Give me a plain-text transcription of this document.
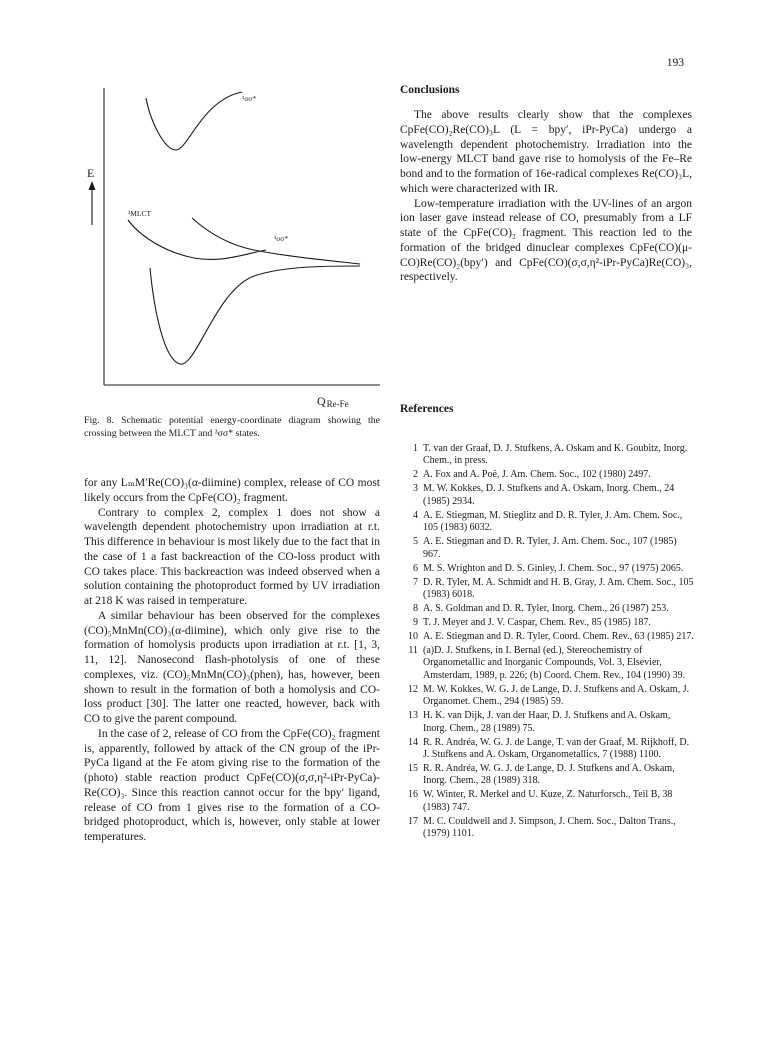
193
¹σσ*
³MLCT
³σσ*
E
$Q_{Re-Fe}$
Fig. 8. Schematic potential energy-coordinate diagram showing the crossing between the MLCT and ³σσ* states.

for any LₘM′Re(CO)₃(α-diimine) complex, release of CO most likely occurs from the CpFe(CO)₂ fragment.

Contrary to complex 2, complex 1 does not show a wavelength dependent photochemistry upon irradiation at r.t. This difference in behaviour is most likely due to the fact that in the case of 1 a fast backreaction of the CO-loss product with CO takes place. This backreaction was indeed observed when a solution containing the photoproduct formed by UV irradiation at 218 K was raised in temperature.

A similar behaviour has been observed for the complexes (CO)₅MnMn(CO)₃(α-diimine), which only give rise to the formation of homolysis products upon irradiation at r.t. [1, 3, 11, 12]. Nanosecond flash-photolysis of one of these complexes, viz. (CO)₅MnMn(CO)₃(phen), has, however, been shown to result in the formation of both a homolysis and CO-loss product [30]. The latter one reacted, however, back with CO to give the parent compound.

In the case of 2, release of CO from the CpFe(CO)₂ fragment is, apparently, followed by attack of the CN group of the iPr-PyCa ligand at the Fe atom giving rise to the formation of the (photo) stable reaction product CpFe(CO)(σ,σ,η²-iPr-PyCa)-Re(CO)₃. Since this reaction cannot occur for the bpy′ ligand, release of CO from 1 gives rise to the formation of a CO-bridged photoproduct, which is, however, only stable at lower temperatures.

Conclusions

The above results clearly show that the complexes CpFe(CO)₂Re(CO)₃L (L = bpy′, iPr-PyCa) undergo a wavelength dependent photochemistry. Irradiation into the low-energy MLCT band gave rise to homolysis of the Fe–Re bond and to the formation of 16e-radical complexes Re(CO)₃L, which were characterized with IR.

Low-temperature irradiation with the UV-lines of an argon ion laser gave instead release of CO, presumably from a LF state of the CpFe(CO)₂ fragment. This reaction led to the formation of the bridged dinuclear complexes CpFe(CO)(μ-CO)Re(CO)₂(bpy′) and CpFe(CO)(σ,σ,η²-iPr-PyCa)Re(CO)₃, respectively.

References
1 T. van der Graaf, D. J. Stufkens, A. Oskam and K. Goubitz, Inorg. Chem., in press.
2 A. Fox and A. Poë, J. Am. Chem. Soc., 102 (1980) 2497.
3 M. W. Kokkes, D. J. Stufkens and A. Oskam, Inorg. Chem., 24 (1985) 2934.
4 A. E. Stiegman, M. Stieglitz and D. R. Tyler, J. Am. Chem. Soc., 105 (1983) 6032.
5 A. E. Stiegman and D. R. Tyler, J. Am. Chem. Soc., 107 (1985) 967.
6 M. S. Wrighton and D. S. Ginley, J. Chem. Soc., 97 (1975) 2065.
7 D. R. Tyler, M. A. Schmidt and H. B. Gray, J. Am. Chem. Soc., 105 (1983) 6018.
8 A. S. Goldman and D. R. Tyler, Inorg. Chem., 26 (1987) 253.
9 T. J. Meyer and J. V. Caspar, Chem. Rev., 85 (1985) 187.
10 A. E. Stiegman and D. R. Tyler, Coord. Chem. Rev., 63 (1985) 217.
11 (a)D. J. Stufkens, in I. Bernal (ed.), Stereochemistry of Organometallic and Inorganic Compounds, Vol. 3, Elsevier, Amsterdam, 1989, p. 226; (b) Coord. Chem. Rev., 104 (1990) 39.
12 M. W. Kokkes, W. G. J. de Lange, D. J. Stufkens and A. Oskam, J. Organomet. Chem., 294 (1985) 59.
13 H. K. van Dijk, J. van der Haar, D. J. Stufkens and A. Oskam, Inorg. Chem., 28 (1989) 75.
14 R. R. Andréa, W. G. J. de Lange, T. van der Graaf, M. Rijkhoff, D. J. Stufkens and A. Oskam, Organometallics, 7 (1988) 1100.
15 R. R. Andréa, W. G. J. de Lange, D. J. Stufkens and A. Oskam, Inorg. Chem., 28 (1989) 318.
16 W. Winter, R. Merkel and U. Kuze, Z. Naturforsch., Teil B, 38 (1983) 747.
17 M. C. Couldwell and J. Simpson, J. Chem. Soc., Dalton Trans., (1979) 1101.
